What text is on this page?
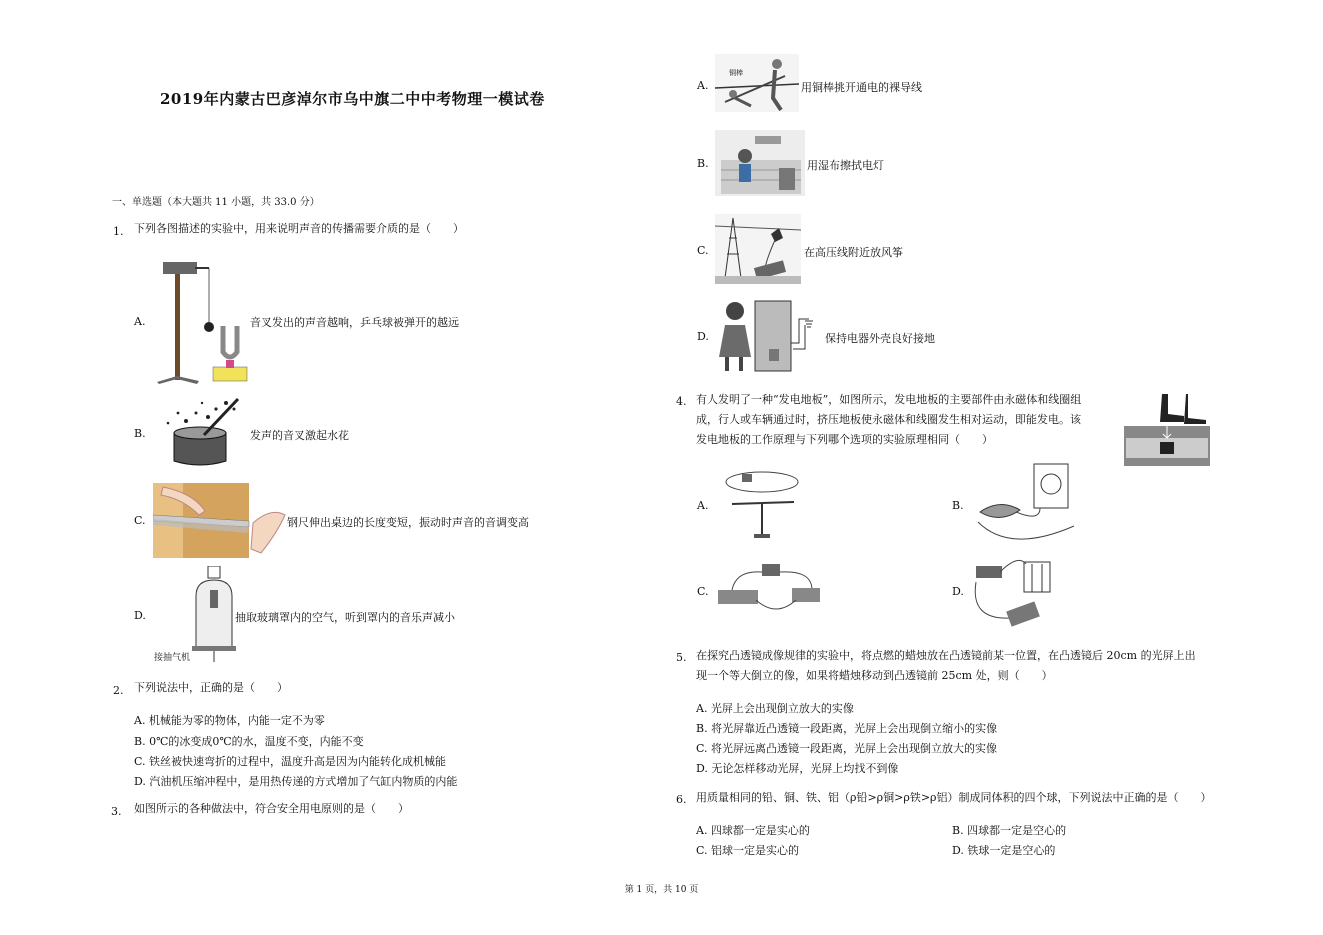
2019年内蒙古巴彦淖尔市乌中旗二中中考物理一模试卷
一、单选题（本大题共 11 小题，共 33.0 分）
1. 下列各图描述的实验中，用来说明声音的传播需要介质的是（　　）
A.	音叉发出的声音越响，乒乓球被弹开的越远
B.	发声的音叉激起水花
C.	钢尺伸出桌边的长度变短，振动时声音的音调变高
D.
接抽气机
抽取玻璃罩内的空气，听到罩内的音乐声减小
2. 下列说法中，正确的是（　　）
A. 机械能为零的物体，内能一定不为零
B. 0℃的冰变成0℃的水，温度不变，内能不变
C. 铁丝被快速弯折的过程中，温度升高是因为内能转化成机械能
D. 汽油机压缩冲程中，是用热传递的方式增加了气缸内物质的内能
3. 如图所示的各种做法中，符合安全用电原则的是（　　）
A.
铜棒
用铜棒挑开通电的裸导线
B.	用湿布擦拭电灯
C.	在高压线附近放风筝
D.	保持电器外壳良好接地
4. 有人发明了一种“发电地板”，如图所示，发电地板的主要部件由永磁体和线圈组
成，行人或车辆通过时，挤压地板使永磁体和线圈发生相对运动，即能发电。该
发电地板的工作原理与下列哪个选项的实验原理相同（　　）
A.	B.
C.	D.
5. 在探究凸透镜成像规律的实验中，将点燃的蜡烛放在凸透镜前某一位置，在凸透镜后 20cm 的光屏上出
现一个等大倒立的像，如果将蜡烛移动到凸透镜前 25cm 处，则（　　）
A. 光屏上会出现倒立放大的实像
B. 将光屏靠近凸透镜一段距离，光屏上会出现倒立缩小的实像
C. 将光屏远离凸透镜一段距离，光屏上会出现倒立放大的实像
D. 无论怎样移动光屏，光屏上均找不到像
6. 用质量相同的铅、铜、铁、铝（ρ铅>ρ铜>ρ铁>ρ铝）制成同体积的四个球，下列说法中正确的是（　　）
A. 四球都一定是实心的	B. 四球都一定是空心的
C. 铝球一定是实心的	D. 铁球一定是空心的
第 1 页，共 10 页
